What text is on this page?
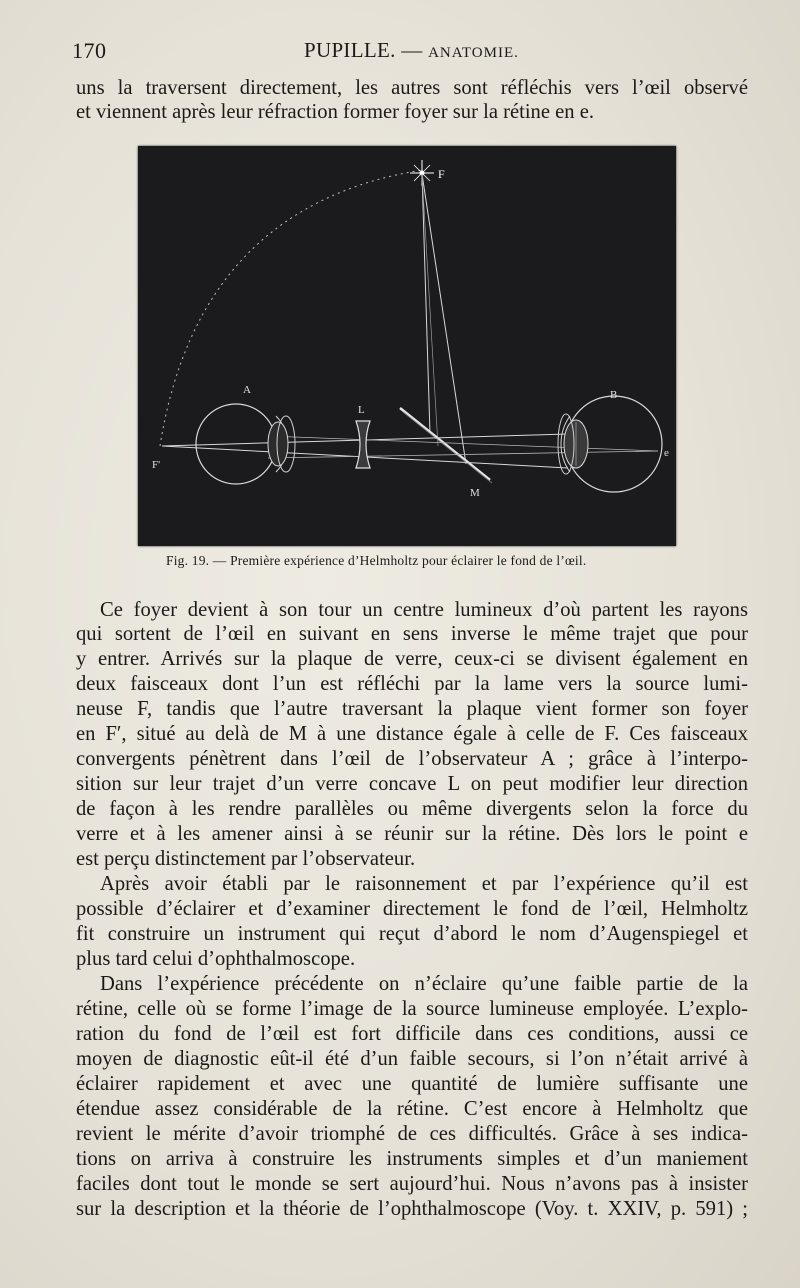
170	PUPILLE. — ANATOMIE.
uns la traversent directement, les autres sont réfléchis vers l’œil observé
et viennent après leur réfraction former foyer sur la rétine en e.
F
A
L
B
M
F'
e
Fig. 19. — Première expérience d’Helmholtz pour éclairer le fond de l’œil.
Ce foyer devient à son tour un centre lumineux d’où partent les rayons
qui sortent de l’œil en suivant en sens inverse le même trajet que pour
y entrer. Arrivés sur la plaque de verre, ceux-ci se divisent également en
deux faisceaux dont l’un est réfléchi par la lame vers la source lumi-
neuse F, tandis que l’autre traversant la plaque vient former son foyer
en F′, situé au delà de M à une distance égale à celle de F. Ces faisceaux
convergents pénètrent dans l’œil de l’observateur A ; grâce à l’interpo-
sition sur leur trajet d’un verre concave L on peut modifier leur direction
de façon à les rendre parallèles ou même divergents selon la force du
verre et à les amener ainsi à se réunir sur la rétine. Dès lors le point e
est perçu distinctement par l’observateur.
Après avoir établi par le raisonnement et par l’expérience qu’il est
possible d’éclairer et d’examiner directement le fond de l’œil, Helmholtz
fit construire un instrument qui reçut d’abord le nom d’Augenspiegel et
plus tard celui d’ophthalmoscope.
Dans l’expérience précédente on n’éclaire qu’une faible partie de la
rétine, celle où se forme l’image de la source lumineuse employée. L’explo-
ration du fond de l’œil est fort difficile dans ces conditions, aussi ce
moyen de diagnostic eût-il été d’un faible secours, si l’on n’était arrivé à
éclairer rapidement et avec une quantité de lumière suffisante une
étendue assez considérable de la rétine. C’est encore à Helmholtz que
revient le mérite d’avoir triomphé de ces difficultés. Grâce à ses indica-
tions on arriva à construire les instruments simples et d’un maniement
faciles dont tout le monde se sert aujourd’hui. Nous n’avons pas à insister
sur la description et la théorie de l’ophthalmoscope (Voy. t. XXIV, p. 591) ;
